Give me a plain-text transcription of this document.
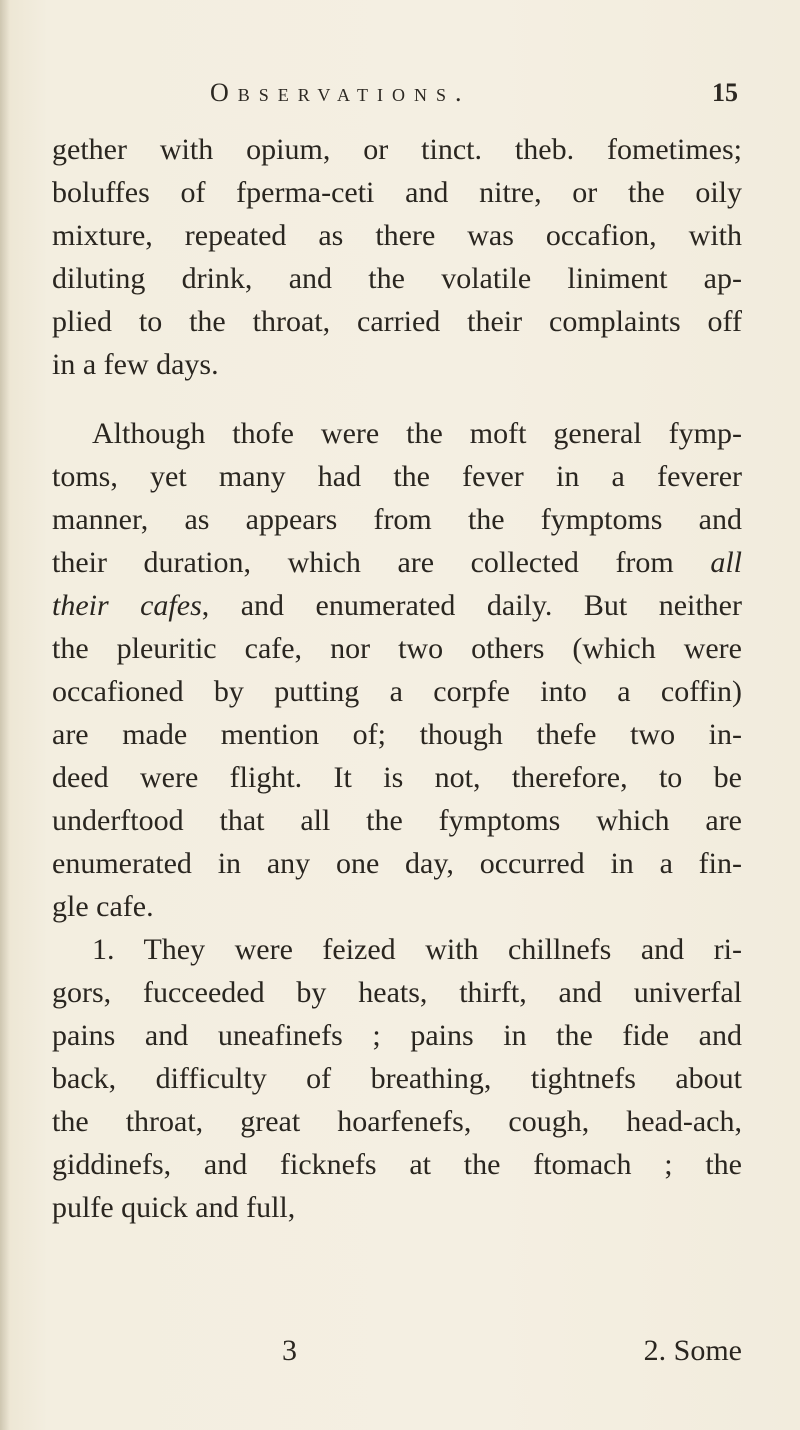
Observations.	15
gether with opium, or tinct. theb. fometimes;
boluffes of fperma-ceti and nitre, or the oily
mixture, repeated as there was occafion, with
diluting drink, and the volatile liniment ap-
plied to the throat, carried their complaints off
in a few days.
Although thofe were the moft general fymp-
toms, yet many had the fever in a feverer
manner, as appears from the fymptoms and
their duration, which are collected from all
their cafes, and enumerated daily. But neither
the pleuritic cafe, nor two others (which were
occafioned by putting a corpfe into a coffin)
are made mention of; though thefe two in-
deed were flight. It is not, therefore, to be
underftood that all the fymptoms which are
enumerated in any one day, occurred in a fin-
gle cafe.
1. They were feized with chillnefs and ri-
gors, fucceeded by heats, thirft, and univerfal
pains and uneafinefs ; pains in the fide and
back, difficulty of breathing, tightnefs about
the throat, great hoarfenefs, cough, head-ach,
giddinefs, and ficknefs at the ftomach ; the
pulfe quick and full,
3	2. Some
